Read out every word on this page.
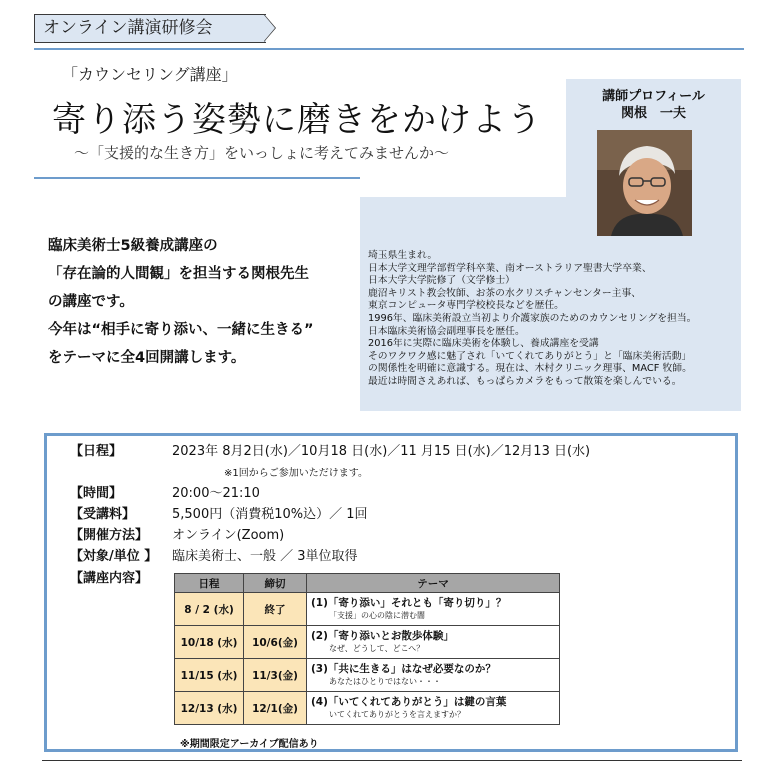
オンライン講演研修会
「カウンセリング講座」
寄り添う姿勢に磨きをかけよう
〜「支援的な生き方」をいっしょに考えてみませんか〜
講師プロフィール
関根　一夫
埼玉県生まれ。
日本大学文理学部哲学科卒業、南オーストラリア聖書大学卒業、
日本大学大学院修了（文学修士）
鹿沼キリスト教会牧師、お茶の水クリスチャンセンター主事、
東京コンピュータ専門学校校長などを歴任。
1996年、臨床美術設立当初より介護家族のためのカウンセリングを担当。
日本臨床美術協会副理事長を歴任。
2016年に実際に臨床美術を体験し、養成講座を受講
そのワクワク感に魅了され「いてくれてありがとう」と「臨床美術活動」
の関係性を明確に意識する。現在は、木村クリニック理事、MACF 牧師。
最近は時間さえあれば、もっぱらカメラをもって散策を楽しんでいる。
臨床美術士5級養成講座の
「存在論的人間観」を担当する関根先生
の講座です。
今年は“相手に寄り添い、一緒に生きる”
をテーマに全4回開講します。
【日程】	2023年 8月2日(水)／10月18 日(水)／11 月15 日(水)／12月13 日(水)
※1回からご参加いただけます。
【時間】	20:00〜21:10
【受講料】	5,500円（消費税10%込）／ 1回
【開催方法】 オンライン(Zoom)
【対象/単位 】 臨床美術士、一般 ／ 3単位取得
【講座内容】	日程	締切	テーマ
8 / 2 (水)	終了	(1)「寄り添い」それとも「寄り切り」？
「支援」の心の陰に潜む闇

10/18 (水)	10/6(金)	(2)「寄り添いとお散歩体験」
なぜ、どうして、どこへ？

11/15 (水)	11/3(金)	(3)「共に生きる」はなぜ必要なのか？
あなたはひとりではない・・・

12/13 (水)	12/1(金)	(4)「いてくれてありがとう」は鍵の言葉
いてくれてありがとうを言えますか？
※期間限定アーカイブ配信あり
